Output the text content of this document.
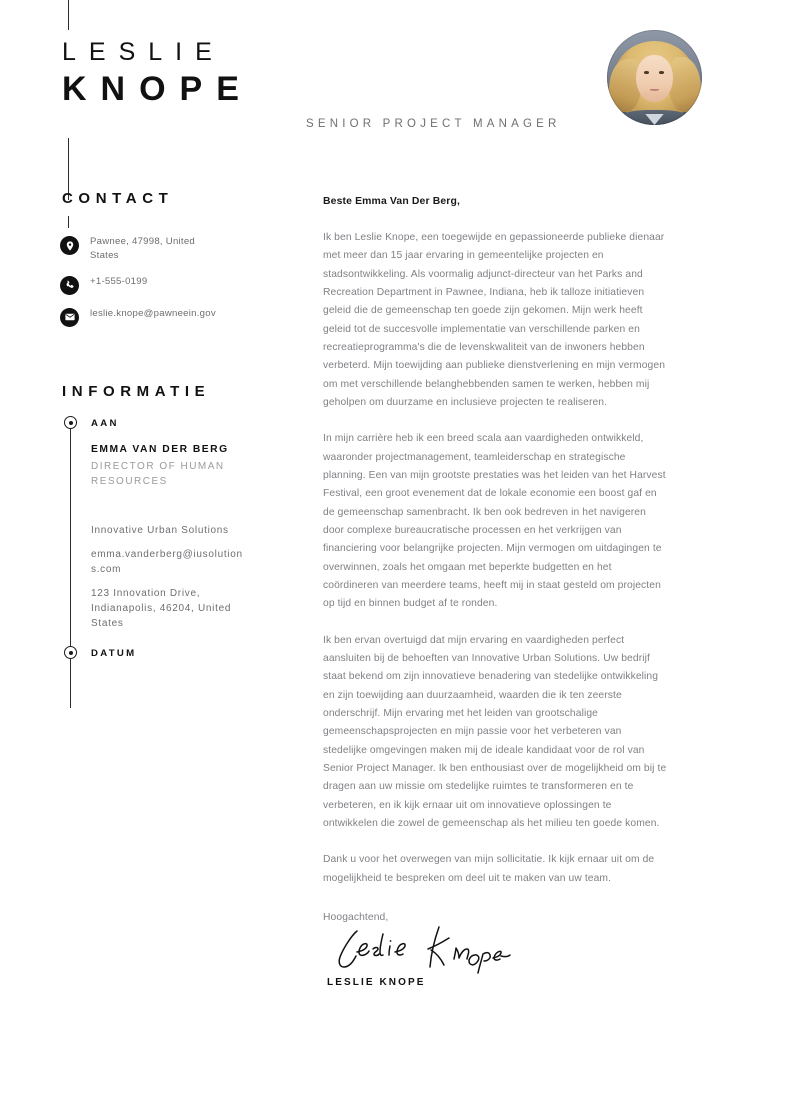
LESLIE
KNOPE
SENIOR PROJECT MANAGER
CONTACT
Pawnee, 47998, United States
+1-555-0199
leslie.knope@pawneein.gov
INFORMATIE
AAN

EMMA VAN DER BERG

DIRECTOR OF HUMAN RESOURCES

Innovative Urban Solutions

emma.vanderberg@iusolutions.com

123 Innovation Drive, Indianapolis, 46204, United States

DATUM

Beste Emma Van Der Berg,

Ik ben Leslie Knope, een toegewijde en gepassioneerde publieke dienaar met meer dan 15 jaar ervaring in gemeentelijke projecten en stadsontwikkeling. Als voormalig adjunct-directeur van het Parks and Recreation Department in Pawnee, Indiana, heb ik talloze initiatieven geleid die de gemeenschap ten goede zijn gekomen. Mijn werk heeft geleid tot de succesvolle implementatie van verschillende parken en recreatieprogramma's die de levenskwaliteit van de inwoners hebben verbeterd. Mijn toewijding aan publieke dienstverlening en mijn vermogen om met verschillende belanghebbenden samen te werken, hebben mij geholpen om duurzame en inclusieve projecten te realiseren.

In mijn carrière heb ik een breed scala aan vaardigheden ontwikkeld, waaronder projectmanagement, teamleiderschap en strategische planning. Een van mijn grootste prestaties was het leiden van het Harvest Festival, een groot evenement dat de lokale economie een boost gaf en de gemeenschap samenbracht. Ik ben ook bedreven in het navigeren door complexe bureaucratische processen en het verkrijgen van financiering voor belangrijke projecten. Mijn vermogen om uitdagingen te overwinnen, zoals het omgaan met beperkte budgetten en het coördineren van meerdere teams, heeft mij in staat gesteld om projecten op tijd en binnen budget af te ronden.

Ik ben ervan overtuigd dat mijn ervaring en vaardigheden perfect aansluiten bij de behoeften van Innovative Urban Solutions. Uw bedrijf staat bekend om zijn innovatieve benadering van stedelijke ontwikkeling en zijn toewijding aan duurzaamheid, waarden die ik ten zeerste onderschrijf. Mijn ervaring met het leiden van grootschalige gemeenschapsprojecten en mijn passie voor het verbeteren van stedelijke omgevingen maken mij de ideale kandidaat voor de rol van Senior Project Manager. Ik ben enthousiast over de mogelijkheid om bij te dragen aan uw missie om stedelijke ruimtes te transformeren en te verbeteren, en ik kijk ernaar uit om innovatieve oplossingen te ontwikkelen die zowel de gemeenschap als het milieu ten goede komen.

Dank u voor het overwegen van mijn sollicitatie. Ik kijk ernaar uit om de mogelijkheid te bespreken om deel uit te maken van uw team.

Hoogachtend,

LESLIE KNOPE
